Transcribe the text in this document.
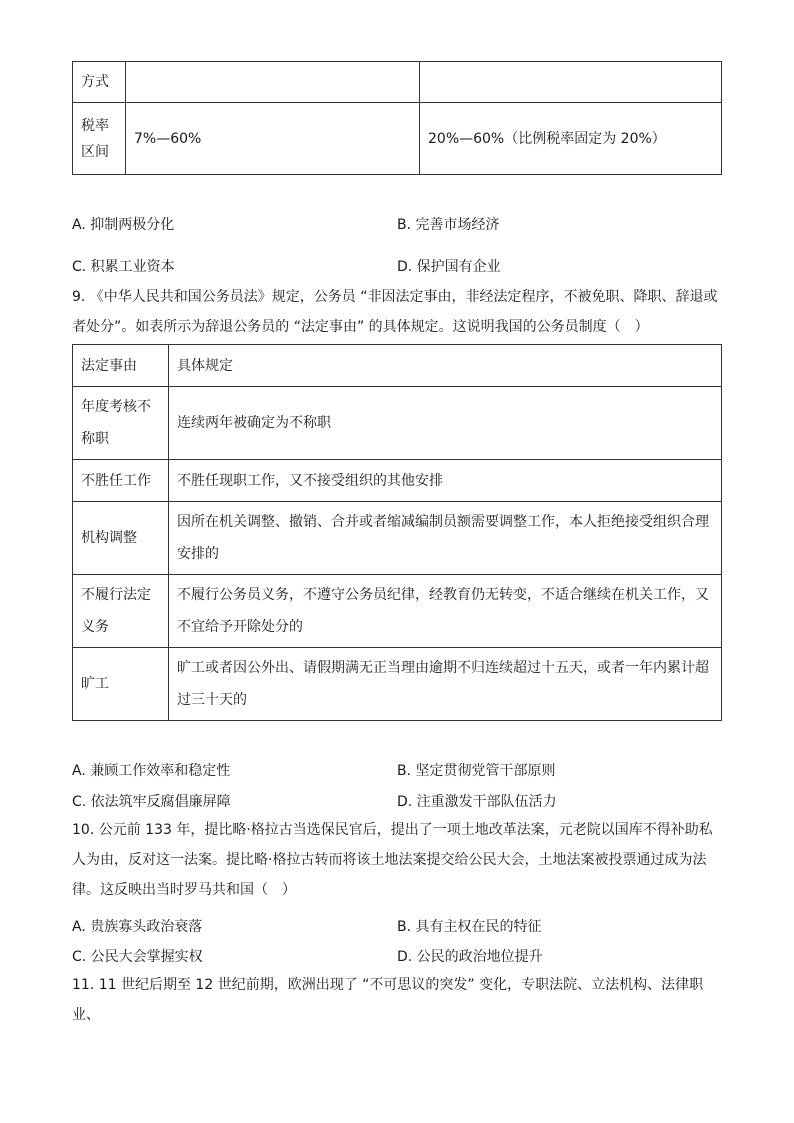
方式		
税率区间	7%—60%	20%—60%（比例税率固定为 20%）
A. 抑制两极分化	B. 完善市场经济
C. 积累工业资本	D. 保护国有企业
9. 《中华人民共和国公务员法》规定，公务员 “非因法定事由，非经法定程序，不被免职、降职、辞退或者处分”。如表所示为辞退公务员的 “法定事由” 的具体规定。这说明我国的公务员制度（　）
法定事由	具体规定
年度考核不称职	连续两年被确定为不称职
不胜任工作	不胜任现职工作，又不接受组织的其他安排
机构调整	因所在机关调整、撤销、合并或者缩减编制员额需要调整工作，本人拒绝接受组织合理安排的
不履行法定义务	不履行公务员义务，不遵守公务员纪律，经教育仍无转变，不适合继续在机关工作，又不宜给予开除处分的
旷工	旷工或者因公外出、请假期满无正当理由逾期不归连续超过十五天，或者一年内累计超过三十天的
A. 兼顾工作效率和稳定性	B. 坚定贯彻党管干部原则
C. 依法筑牢反腐倡廉屏障	D. 注重激发干部队伍活力
10. 公元前 133 年，提比略·格拉古当选保民官后，提出了一项土地改革法案，元老院以国库不得补助私人为由，反对这一法案。提比略·格拉古转而将该土地法案提交给公民大会，土地法案被投票通过成为法律。这反映出当时罗马共和国（　）
A. 贵族寡头政治衰落	B. 具有主权在民的特征
C. 公民大会掌握实权	D. 公民的政治地位提升
11. 11 世纪后期至 12 世纪前期，欧洲出现了 “不可思议的突发” 变化，专职法院、立法机构、法律职业、
